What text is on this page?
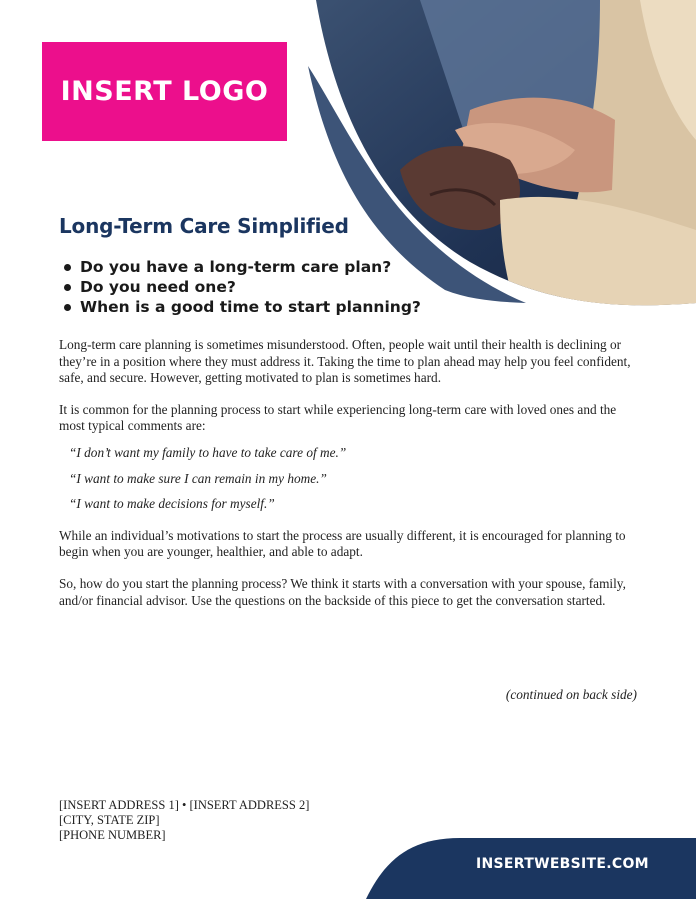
INSERT LOGO
Long-Term Care Simplified
Do you have a long-term care plan?
Do you need one?
When is a good time to start planning?

Long-term care planning is sometimes misunderstood. Often, people wait until their health is declining or they’re in a position where they must address it. Taking the time to plan ahead may help you feel confident, safe, and secure. However, getting motivated to plan is sometimes hard.

It is common for the planning process to start while experiencing long-term care with loved ones and the most typical comments are:

“I don’t want my family to have to take care of me.”

“I want to make sure I can remain in my home.”

“I want to make decisions for myself.”

While an individual’s motivations to start the process are usually different, it is encouraged for planning to begin when you are younger, healthier, and able to adapt.

So, how do you start the planning process? We think it starts with a conversation with your spouse, family, and/or financial advisor. Use the questions on the backside of this piece to get the conversation started.

(continued on back side)
[INSERT ADDRESS 1] • [INSERT ADDRESS 2]
[CITY, STATE ZIP]
[PHONE NUMBER]
INSERTWEBSITE.COM
